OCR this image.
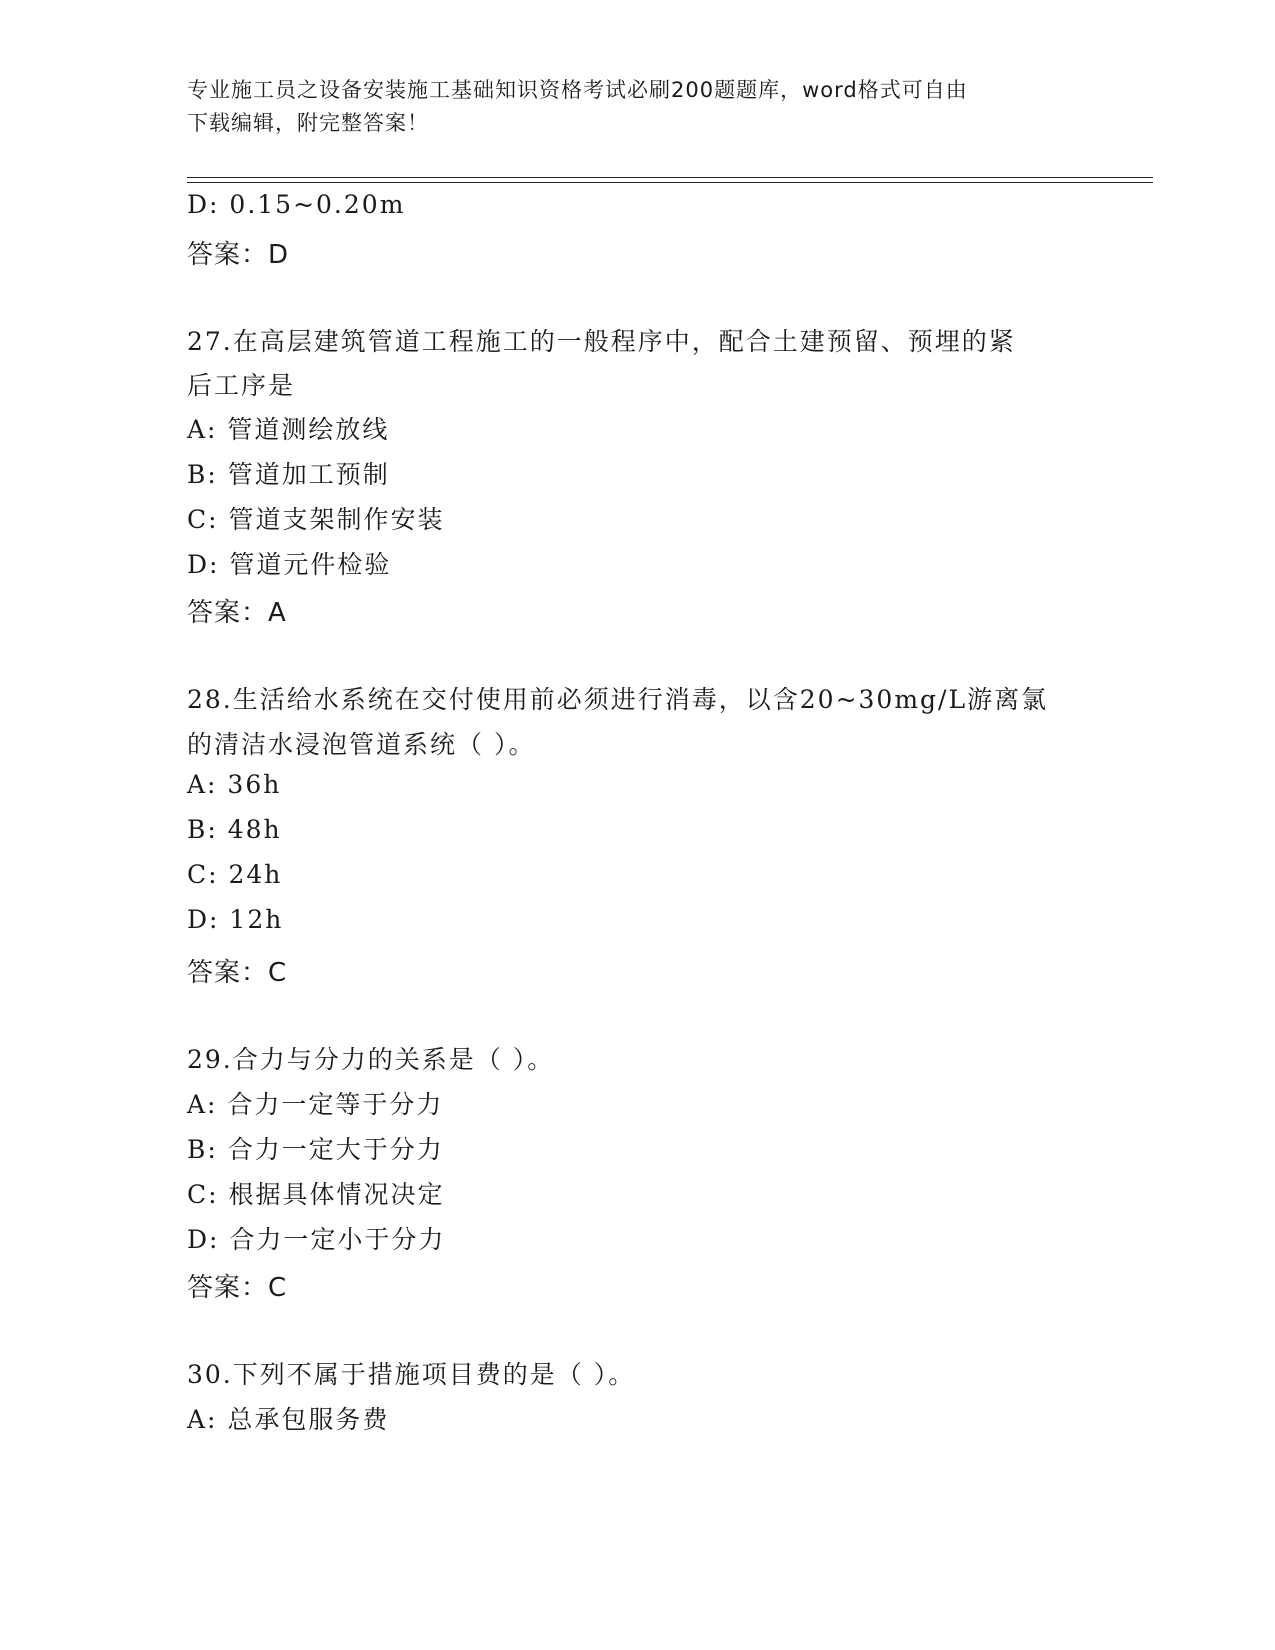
专业施工员之设备安装施工基础知识资格考试必刷200题题库，word格式可自由
下载编辑，附完整答案！
D: 0.15~0.20m
答案：D
27.在高层建筑管道工程施工的一般程序中，配合土建预留、预埋的紧
后工序是
A: 管道测绘放线
B: 管道加工预制
C: 管道支架制作安装
D: 管道元件检验
答案：A
28.生活给水系统在交付使用前必须进行消毒，以含20~30mg/L游离氯
的清洁水浸泡管道系统（ ）。
A: 36h
B: 48h
C: 24h
D: 12h
答案：C
29.合力与分力的关系是（ ）。
A: 合力一定等于分力
B: 合力一定大于分力
C: 根据具体情况决定
D: 合力一定小于分力
答案：C
30.下列不属于措施项目费的是（ ）。
A: 总承包服务费
